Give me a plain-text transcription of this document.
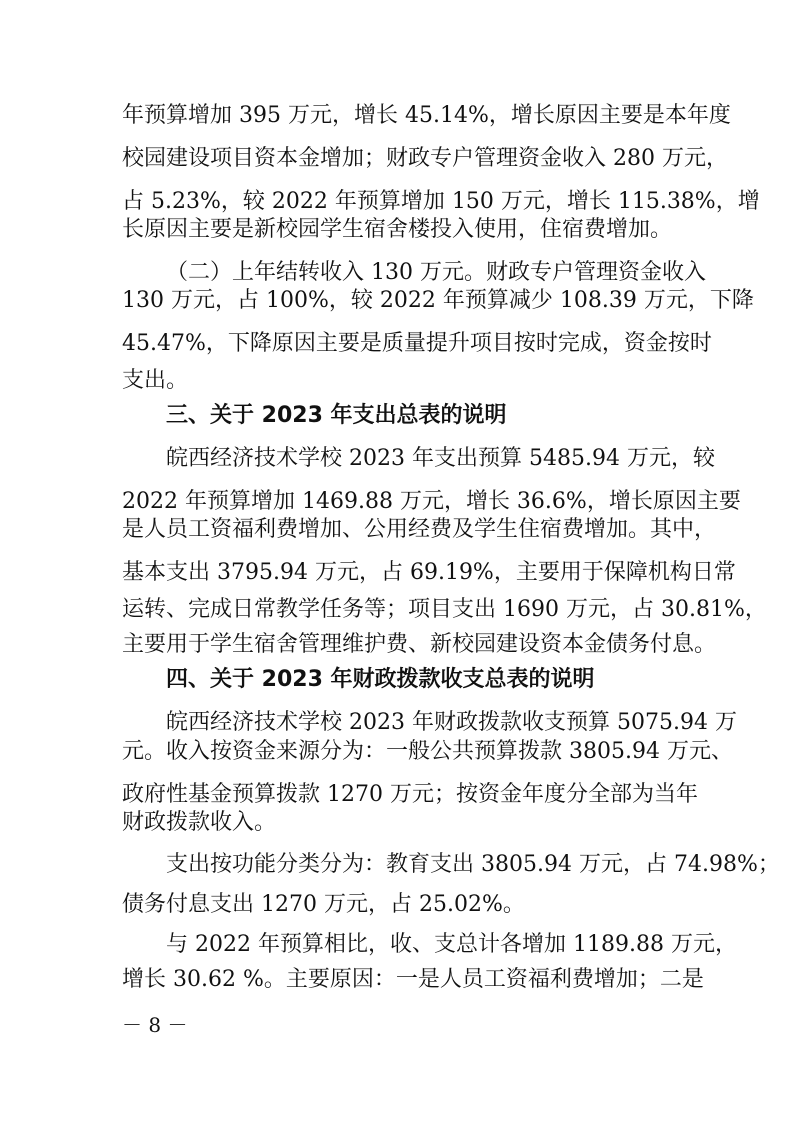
年预算增加 395 万元，增长 45.14%，增长原因主要是本年度
校园建设项目资本金增加；财政专户管理资金收入 280 万元，
占 5.23%，较 2022 年预算增加 150 万元，增长 115.38%，增
长原因主要是新校园学生宿舍楼投入使用，住宿费增加。
（二）上年结转收入 130 万元。财政专户管理资金收入
130 万元，占 100%，较 2022 年预算减少 108.39 万元，下降
45.47%，下降原因主要是质量提升项目按时完成，资金按时
支出。
三、关于 2023 年支出总表的说明
皖西经济技术学校 2023 年支出预算 5485.94 万元，较
2022 年预算增加 1469.88 万元，增长 36.6%，增长原因主要
是人员工资福利费增加、公用经费及学生住宿费增加。其中，
基本支出 3795.94 万元，占 69.19%，主要用于保障机构日常
运转、完成日常教学任务等；项目支出 1690 万元，占 30.81%，
主要用于学生宿舍管理维护费、新校园建设资本金债务付息。
四、关于 2023 年财政拨款收支总表的说明
皖西经济技术学校 2023 年财政拨款收支预算 5075.94 万
元。收入按资金来源分为：一般公共预算拨款 3805.94 万元、
政府性基金预算拨款 1270 万元；按资金年度分全部为当年
财政拨款收入。
支出按功能分类分为：教育支出 3805.94 万元，占 74.98%；
债务付息支出 1270 万元，占 25.02%。
与 2022 年预算相比，收、支总计各增加 1189.88 万元，
增长 30.62 %。主要原因：一是人员工资福利费增加；二是
－ 8 －
